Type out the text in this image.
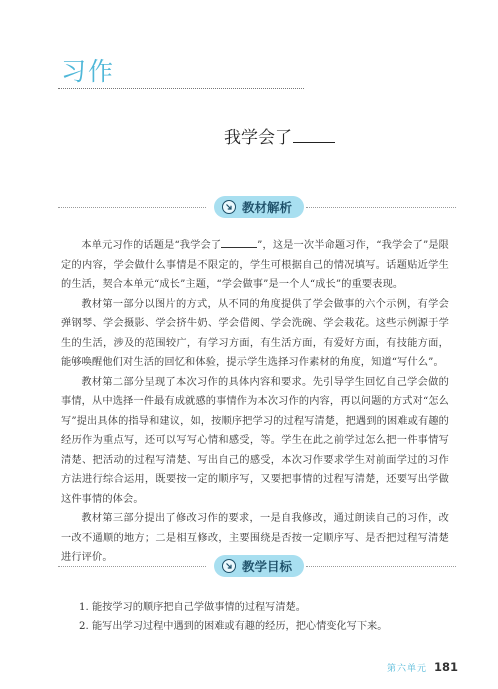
习作
我学会了
教材解析

本单元习作的话题是“我学会了	”，这是一次半命题习作，“我学会了”是限定的内容，学会做什么事情是不限定的，学生可根据自己的情况填写。话题贴近学生的生活，契合本单元“成长”主题，“学会做事”是一个人“成长”的重要表现。

教材第一部分以图片的方式，从不同的角度提供了学会做事的六个示例，有学会弹钢琴、学会摄影、学会挤牛奶、学会借阅、学会洗碗、学会栽花。这些示例源于学生的生活，涉及的范围较广，有学习方面，有生活方面，有爱好方面，有技能方面，能够唤醒他们对生活的回忆和体验，提示学生选择习作素材的角度，知道“写什么”。

教材第二部分呈现了本次习作的具体内容和要求。先引导学生回忆自己学会做的事情，从中选择一件最有成就感的事情作为本次习作的内容，再以问题的方式对“怎么写”提出具体的指导和建议，如，按顺序把学习的过程写清楚，把遇到的困难或有趣的经历作为重点写，还可以写写心情和感受，等。学生在此之前学过怎么把一件事情写清楚、把活动的过程写清楚、写出自己的感受，本次习作要求学生对前面学过的习作方法进行综合运用，既要按一定的顺序写，又要把事情的过程写清楚，还要写出学做这件事情的体会。

教材第三部分提出了修改习作的要求，一是自我修改，通过朗读自己的习作，改一改不通顺的地方；二是相互修改，主要围绕是否按一定顺序写、是否把过程写清楚进行评价。

教学目标
1. 能按学习的顺序把自己学做事情的过程写清楚。
2. 能写出学习过程中遇到的困难或有趣的经历，把心情变化写下来。
第六单元 181
